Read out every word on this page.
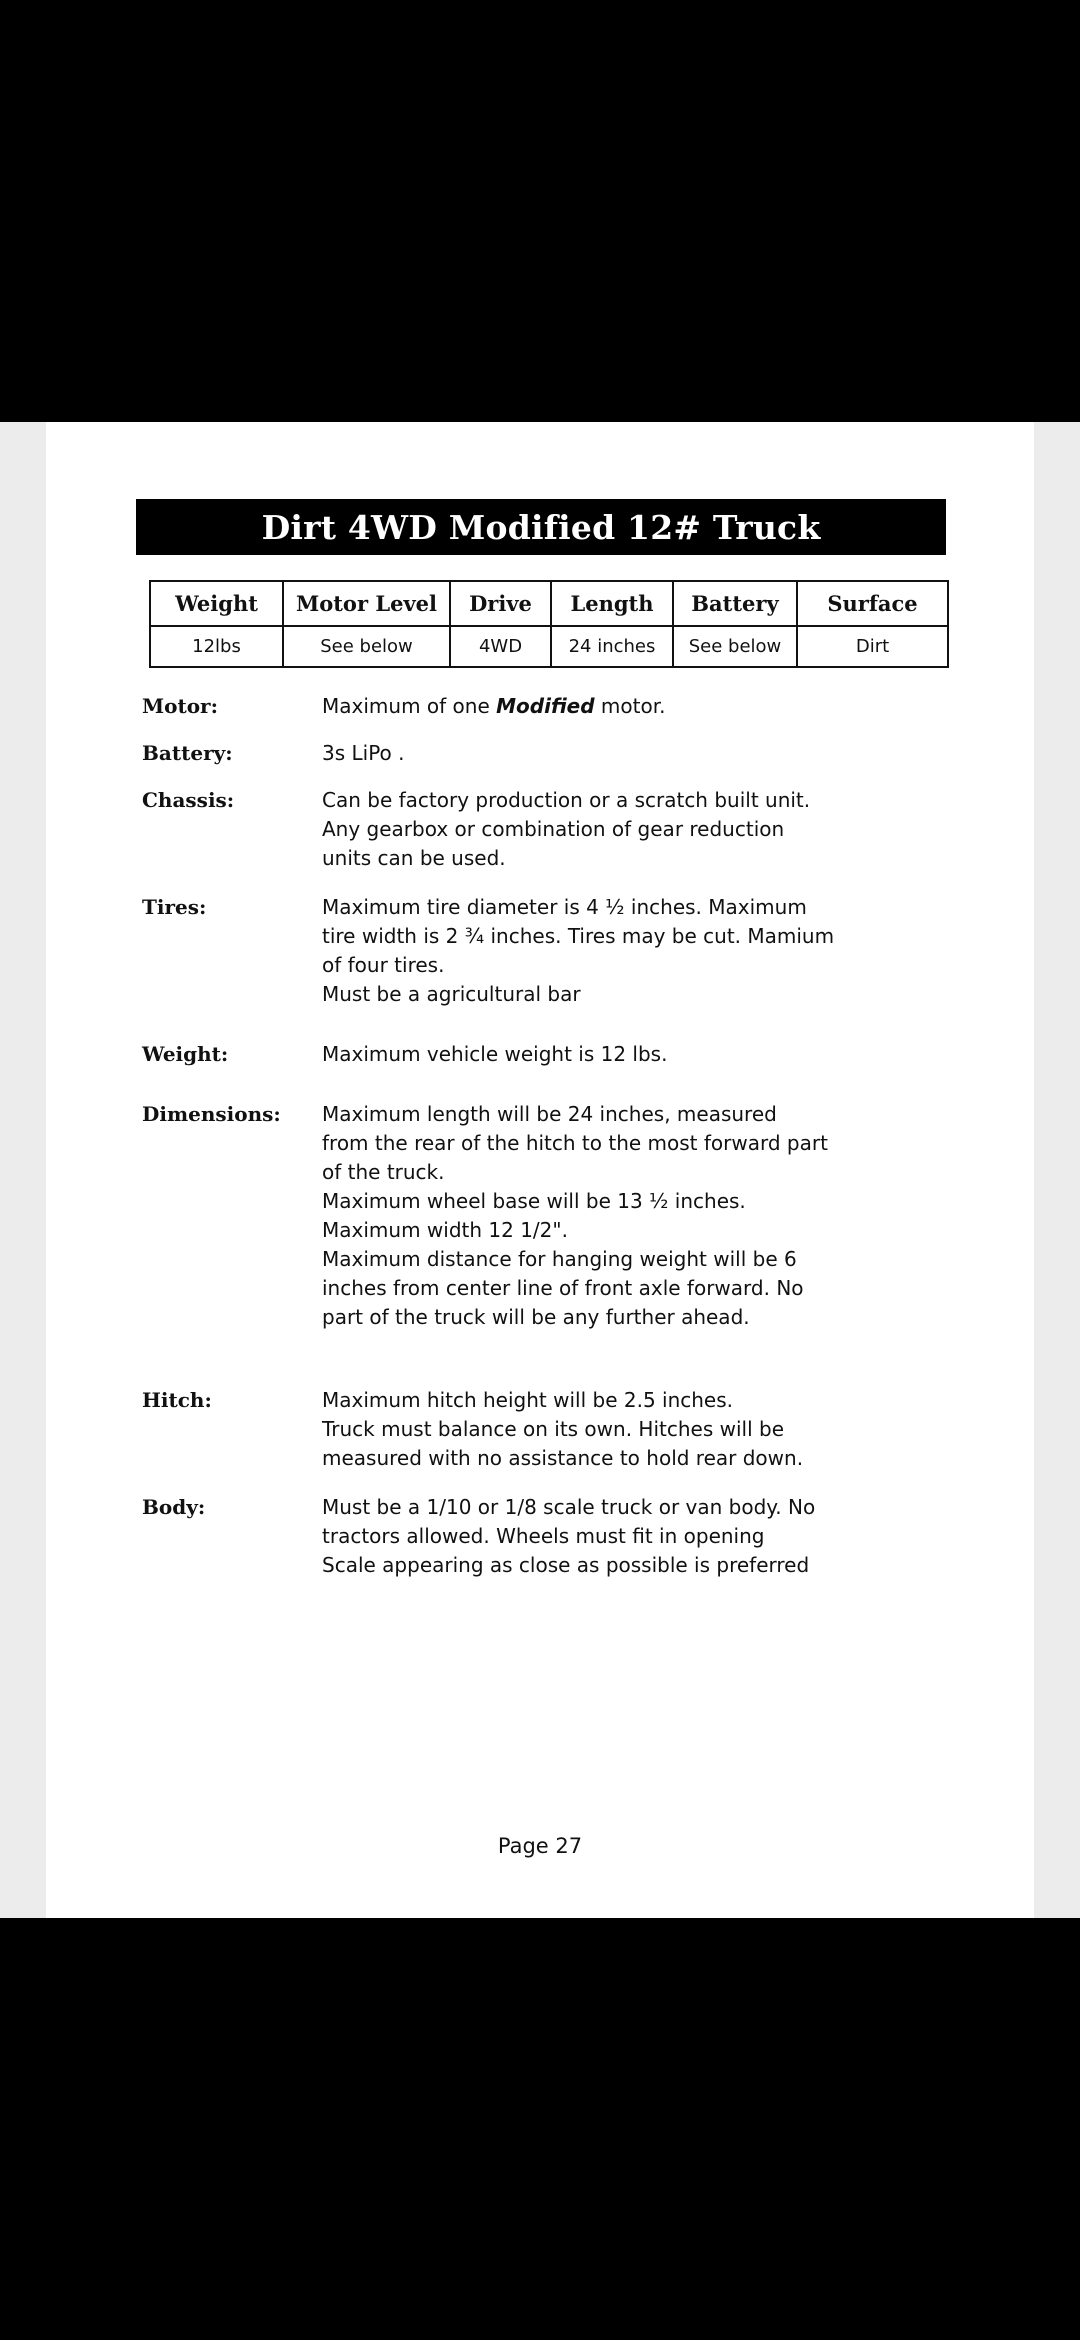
Dirt 4WD Modified 12# Truck
Weight	Motor Level	Drive	Length	Battery	Surface
12lbs	See below	4WD	24 inches	See below	Dirt
Motor:	Maximum of one Modified motor.
Battery:	3s LiPo .
Chassis:	Can be factory production or a scratch built unit.
Any gearbox or combination of gear reduction
units can be used.
Tires:	Maximum tire diameter is 4 ½ inches. Maximum
tire width is 2 ¾ inches. Tires may be cut. Mamium
of four tires.
Must be a agricultural bar
Weight:	Maximum vehicle weight is 12 lbs.
Dimensions:	Maximum length will be 24 inches, measured
from the rear of the hitch to the most forward part
of the truck.
Maximum wheel base will be 13 ½ inches.
Maximum width 12 1/2".
Maximum distance for hanging weight will be 6
inches from center line of front axle forward. No
part of the truck will be any further ahead.
Hitch:	Maximum hitch height will be 2.5 inches.
Truck must balance on its own. Hitches will be
measured with no assistance to hold rear down.
Body:	Must be a 1/10 or 1/8 scale truck or van body. No
tractors allowed. Wheels must fit in opening
Scale appearing as close as possible is preferred
Page 27
